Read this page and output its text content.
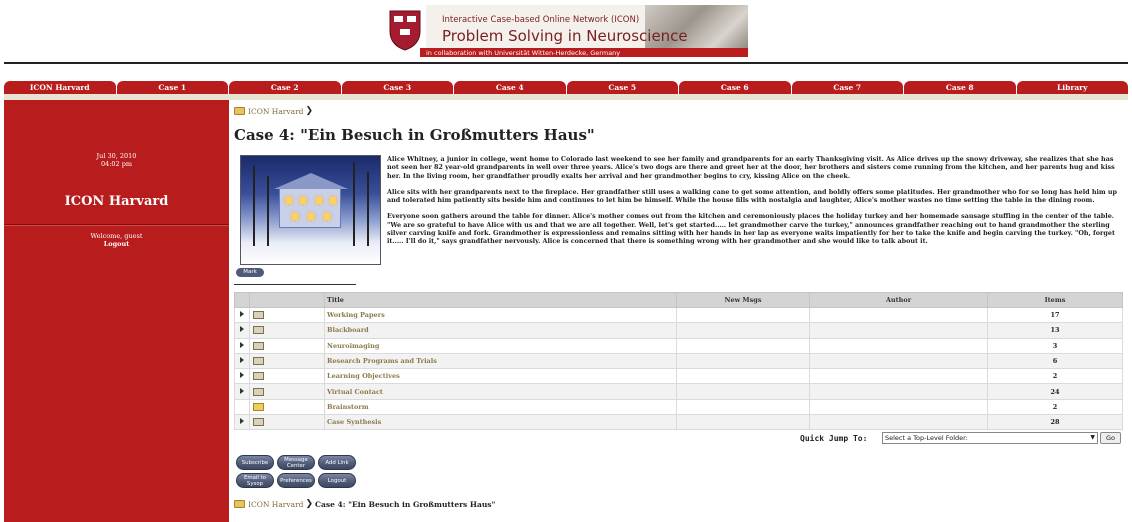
Interactive Case-based Online Network (ICON)
Problem Solving in Neuroscience
in collaboration with Universität Witten-Herdecke, Germany
ICON Harvard	Case 1	Case 2	Case 3	Case 4	Case 5	Case 6	Case 7	Case 8	Library
Jul 30, 2010
04:02 pm
ICON Harvard
Welcome, guest
Logout
ICON Harvard ❯
Case 4: "Ein Besuch in Großmutters Haus"
Mark

Alice Whitney, a junior in college, went home to Colorado last weekend to see her family and grandparents for an early Thanksgiving visit. As Alice drives up the snowy driveway, she realizes that she has not seen her 82 year-old grandparents in well over three years. Alice's two dogs are there and greet her at the door, her brothers and sisters come running from the kitchen, and her parents hug and kiss her. In the living room, her grandfather proudly exalts her arrival and her grandmother begins to cry, kissing Alice on the cheek.

Alice sits with her grandparents next to the fireplace. Her grandfather still uses a walking cane to get some attention, and boldly offers some platitudes. Her grandmother who for so long has held him up and tolerated him patiently sits beside him and continues to let him be himself. While the house fills with nostalgia and laughter, Alice's mother wastes no time setting the table in the dining room.

Everyone soon gathers around the table for dinner. Alice's mother comes out from the kitchen and ceremoniously places the holiday turkey and her homemade sausage stuffing in the center of the table. "We are so grateful to have Alice with us and that we are all together. Well, let's get started..... let grandmother carve the turkey," announces grandfather reaching out to hand grandmother the sterling silver carving knife and fork. Grandmother is expressionless and remains sitting with her hands in her lap as everyone waits impatiently for her to take the knife and begin carving the turkey. "Oh, forget it..... I'll do it," says grandfather nervously. Alice is concerned that there is something wrong with her grandmother and she would like to talk about it.

		Title	New Msgs	Author	Items
		Working Papers			17
		Blackboard			13
		Neuroimaging			3
		Research Programs and Trials			6
		Learning Objectives			2
		Virtual Contact			24
		Brainstorm			2
		Case Synthesis			28
Quick Jump To:	Select a Top-Level Folder:	▼	Go
Subscribe	Message Center	Add Link
Email to Sysop	Preferences	Logout
ICON Harvard ❯ Case 4: "Ein Besuch in Großmutters Haus"
